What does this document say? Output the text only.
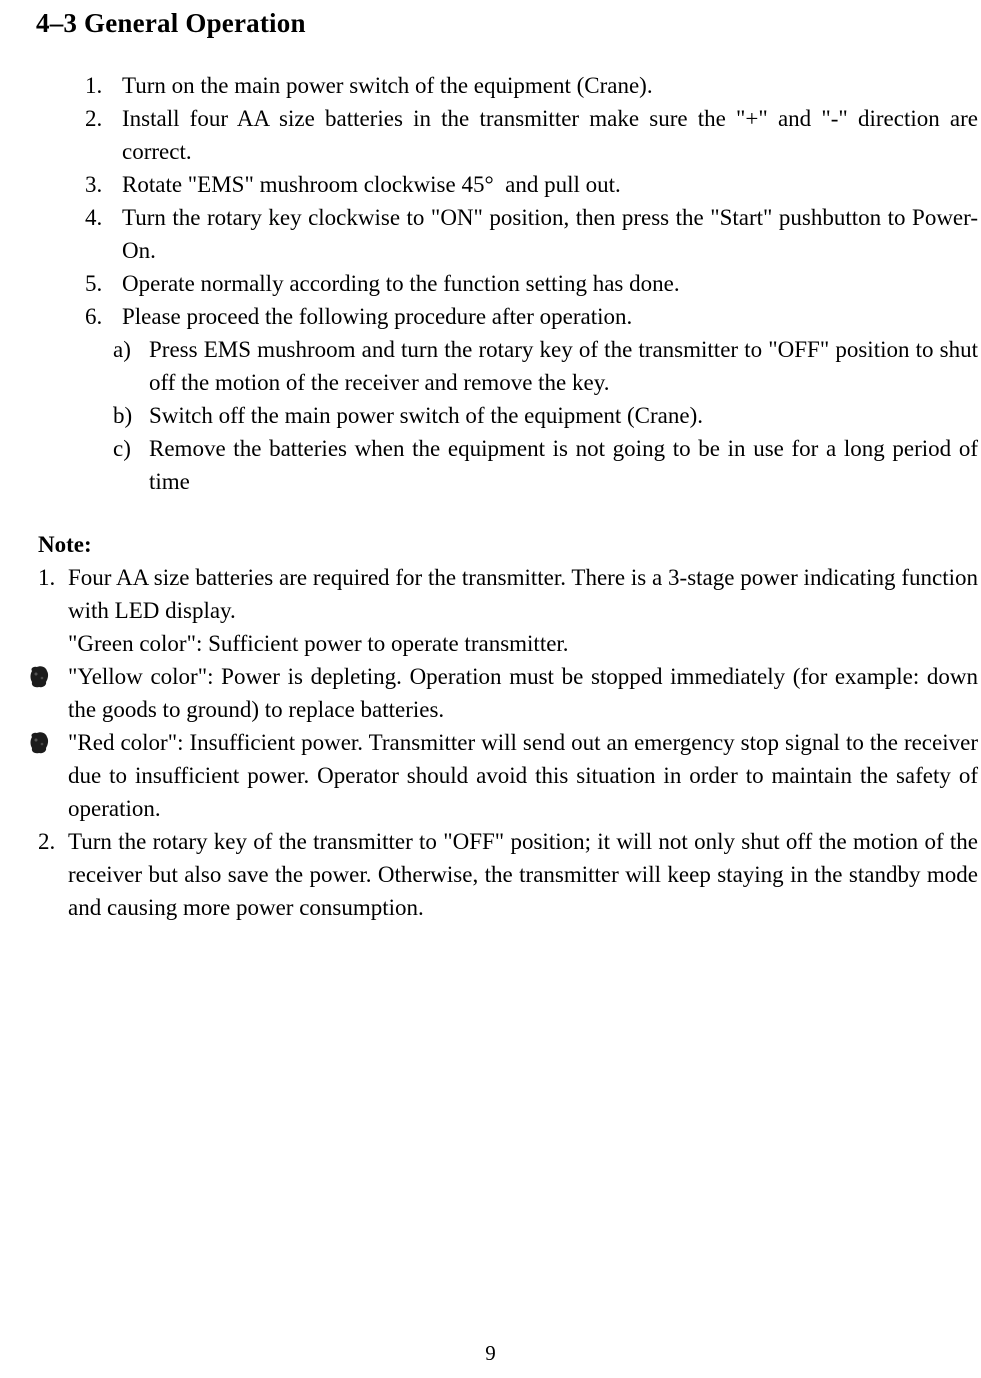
4–3 General Operation
1. Turn on the main power switch of the equipment (Crane).
2. Install four AA size batteries in the transmitter make sure the "+" and "-" direction are correct.
3. Rotate "EMS" mushroom clockwise 45°  and pull out.
4. Turn the rotary key clockwise to "ON" position, then press the "Start" pushbutton to Power-On.
5. Operate normally according to the function setting has done.
6. Please proceed the following procedure after operation.
a) Press EMS mushroom and turn the rotary key of the transmitter to "OFF" position to shut off the motion of the receiver and remove the key.
b) Switch off the main power switch of the equipment (Crane).
c) Remove the batteries when the equipment is not going to be in use for a long period of time
Note:
1. Four AA size batteries are required for the transmitter. There is a 3-stage power indicating function with LED display.
"Green color": Sufficient power to operate transmitter.
"Yellow color": Power is depleting. Operation must be stopped immediately (for example: down the goods to ground) to replace batteries.
"Red color": Insufficient power. Transmitter will send out an emergency stop signal to the receiver due to insufficient power. Operator should avoid this situation in order to maintain the safety of operation.
2. Turn the rotary key of the transmitter to "OFF" position; it will not only shut off the motion of the receiver but also save the power. Otherwise, the transmitter will keep staying in the standby mode and causing more power consumption.
9
